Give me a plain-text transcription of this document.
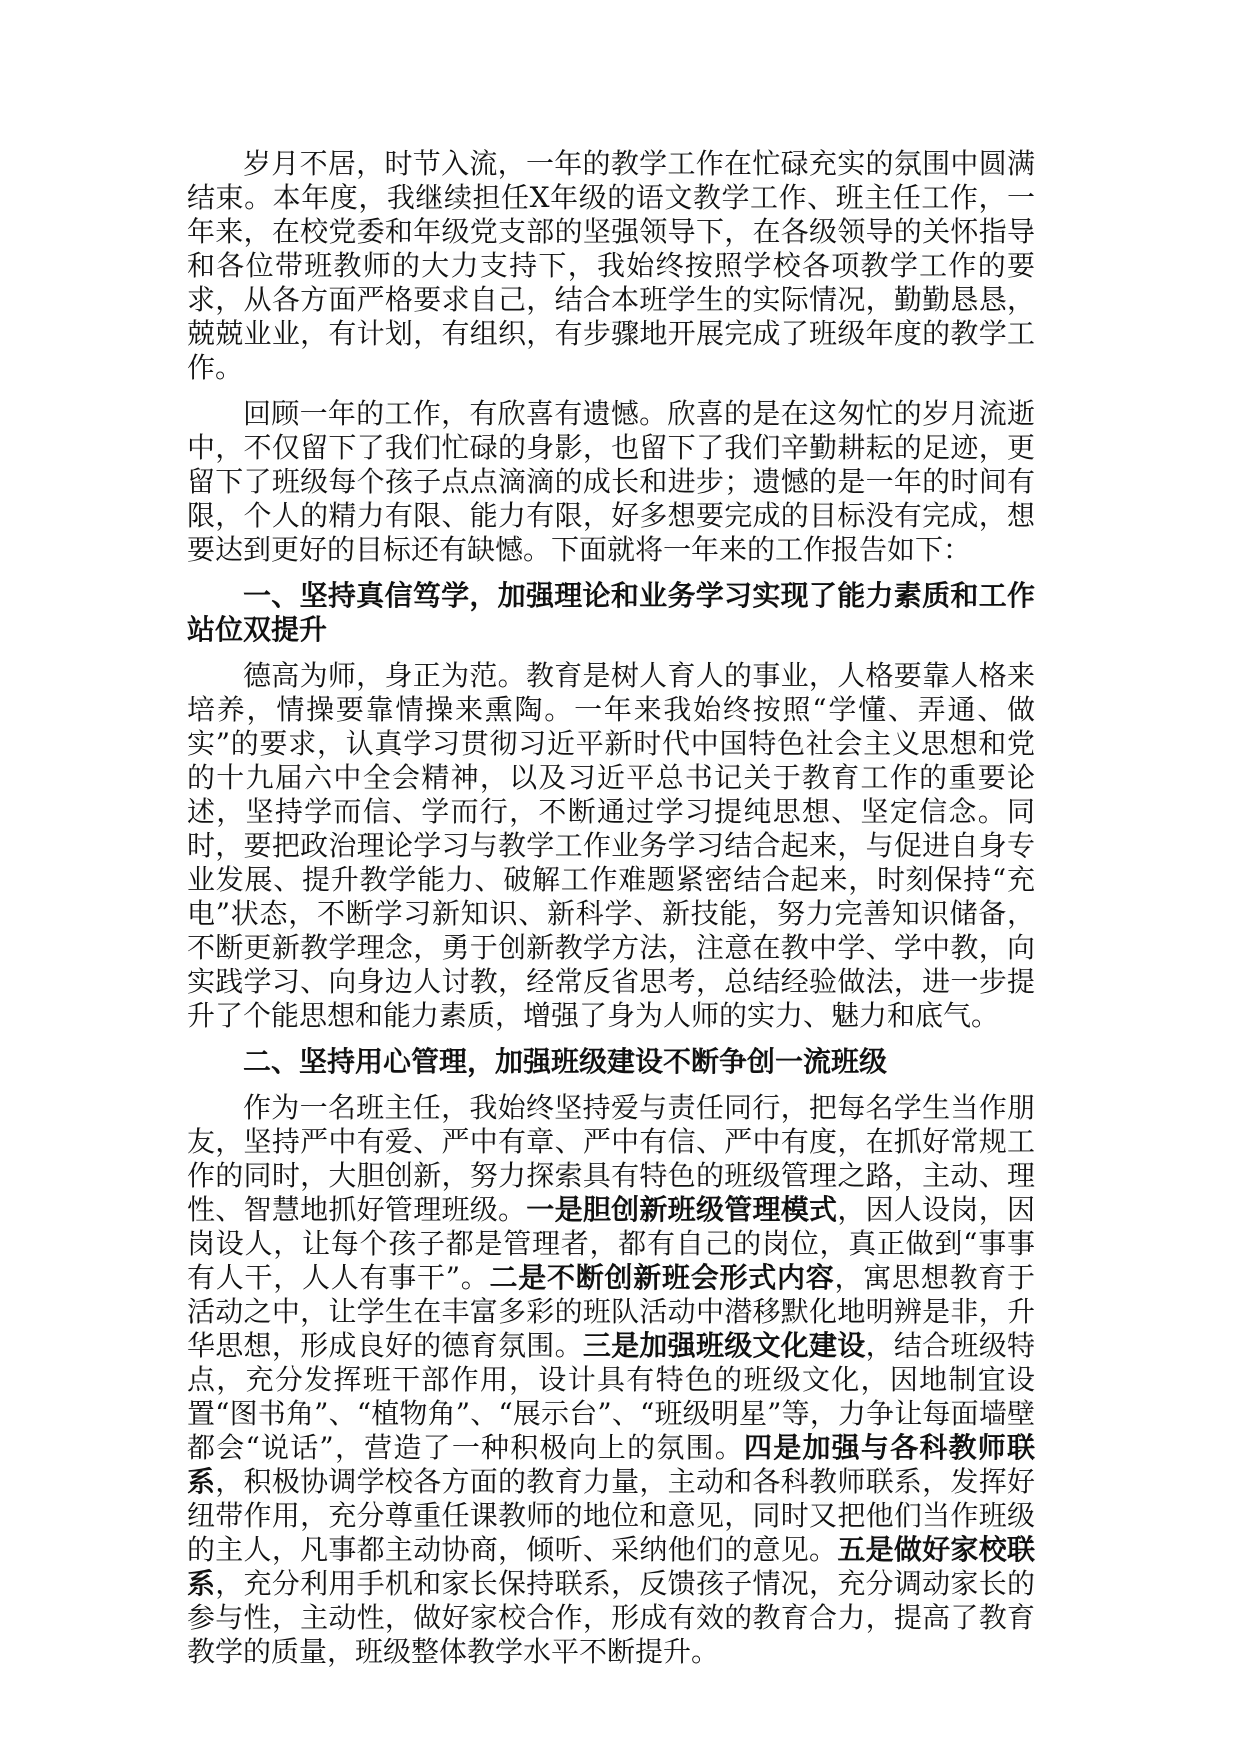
岁月不居，时节入流，一年的教学工作在忙碌充实的氛围中圆满结束。本年度，我继续担任X年级的语文教学工作、班主任工作，一年来，在校党委和年级党支部的坚强领导下，在各级领导的关怀指导和各位带班教师的大力支持下，我始终按照学校各项教学工作的要求，从各方面严格要求自己，结合本班学生的实际情况，勤勤恳恳，兢兢业业，有计划，有组织，有步骤地开展完成了班级年度的教学工作。

回顾一年的工作，有欣喜有遗憾。欣喜的是在这匆忙的岁月流逝中，不仅留下了我们忙碌的身影，也留下了我们辛勤耕耘的足迹，更留下了班级每个孩子点点滴滴的成长和进步；遗憾的是一年的时间有限，个人的精力有限、能力有限，好多想要完成的目标没有完成，想要达到更好的目标还有缺憾。下面就将一年来的工作报告如下：

一、坚持真信笃学，加强理论和业务学习实现了能力素质和工作站位双提升

德高为师，身正为范。教育是树人育人的事业，人格要靠人格来培养，情操要靠情操来熏陶。一年来我始终按照“学懂、弄通、做实”的要求，认真学习贯彻习近平新时代中国特色社会主义思想和党的十九届六中全会精神，以及习近平总书记关于教育工作的重要论述，坚持学而信、学而行，不断通过学习提纯思想、坚定信念。同时，要把政治理论学习与教学工作业务学习结合起来，与促进自身专业发展、提升教学能力、破解工作难题紧密结合起来，时刻保持“充电”状态，不断学习新知识、新科学、新技能，努力完善知识储备，不断更新教学理念，勇于创新教学方法，注意在教中学、学中教，向实践学习、向身边人讨教，经常反省思考，总结经验做法，进一步提升了个能思想和能力素质，增强了身为人师的实力、魅力和底气。

二、坚持用心管理，加强班级建设不断争创一流班级

作为一名班主任，我始终坚持爱与责任同行，把每名学生当作朋友，坚持严中有爱、严中有章、严中有信、严中有度，在抓好常规工作的同时，大胆创新，努力探索具有特色的班级管理之路，主动、理性、智慧地抓好管理班级。一是胆创新班级管理模式，因人设岗，因岗设人，让每个孩子都是管理者，都有自己的岗位，真正做到“事事有人干，人人有事干”。二是不断创新班会形式内容，寓思想教育于活动之中，让学生在丰富多彩的班队活动中潜移默化地明辨是非，升华思想，形成良好的德育氛围。三是加强班级文化建设，结合班级特点，充分发挥班干部作用，设计具有特色的班级文化，因地制宜设置“图书角”、“植物角”、“展示台”、“班级明星”等，力争让每面墙壁都会“说话”，营造了一种积极向上的氛围。四是加强与各科教师联系，积极协调学校各方面的教育力量，主动和各科教师联系，发挥好纽带作用，充分尊重任课教师的地位和意见，同时又把他们当作班级的主人，凡事都主动协商，倾听、采纳他们的意见。五是做好家校联系，充分利用手机和家长保持联系，反馈孩子情况，充分调动家长的参与性，主动性，做好家校合作，形成有效的教育合力，提高了教育教学的质量，班级整体教学水平不断提升。
